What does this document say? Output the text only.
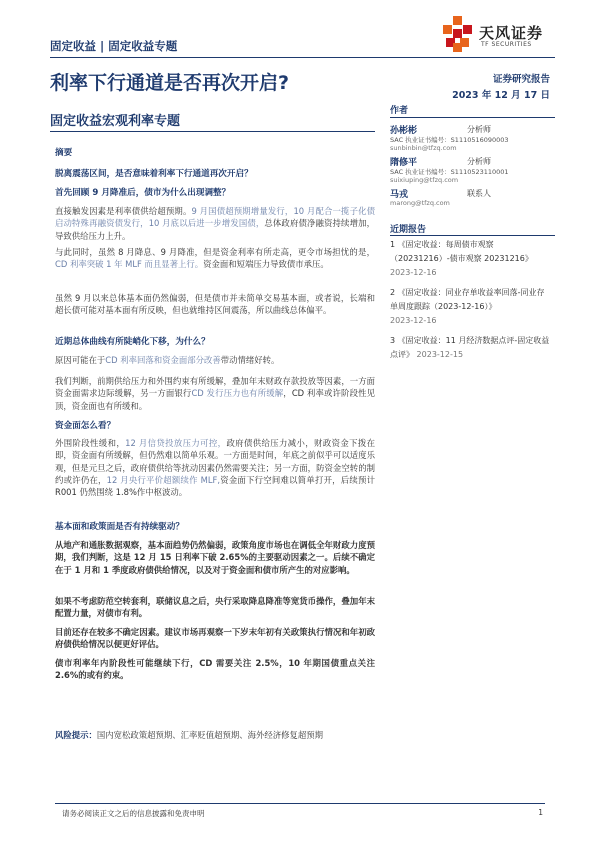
固定收益 | 固定收益专题
天风证券
TF SECURITIES
利率下行通道是否再次开启?	证券研究报告
2023 年 12 月 17 日
固定收益宏观利率专题
作者
孙彬彬	分析师
SAC 执业证书编号：S1110516090003
sunbinbin@tfzq.com
隋修平	分析师
SAC 执业证书编号：S1110523110001
suixiuping@tfzq.com
马戎	联系人
marong@tfzq.com
近期报告
1 《固定收益：每周债市观察（20231216）-债市观察 20231216》
2023-12-16
2 《固定收益：同业存单收益率回落-同业存单周度跟踪（2023-12-16）》
2023-12-16
3 《固定收益：11 月经济数据点评-固定收益点评》 2023-12-15

摘要

脱离震荡区间，是否意味着利率下行通道再次开启？

首先回顾 9 月降准后，债市为什么出现调整？

直接触发因素是利率债供给超预期。9 月国债超预期增量发行，10 月配合一揽子化债启动特殊再融资债发行，10 月底以后进一步增发国债，总体政府债净融资持续增加，导致供给压力上升。

与此同时，虽然 8 月降息、9 月降准，但是资金利率有所走高，更令市场担忧的是，CD 利率突破 1 年 MLF 而且显著上行。资金面和短端压力导致债市承压。

虽然 9 月以来总体基本面仍然偏弱，但是债市并未简单交易基本面，或者说，长端和超长债可能对基本面有所反映，但也就维持区间震荡，所以曲线总体偏平。

近期总体曲线有所陡峭化下移，为什么？

原因可能在于CD 利率回落和资金面部分改善带动情绪好转。

我们判断，前期供给压力和外围约束有所缓解，叠加年末财政存款投放等因素，一方面资金面需求边际缓解，另一方面银行CD 发行压力也有所缓解，CD 利率或许阶段性见顶，资金面也有所缓和。

资金面怎么看？

外围阶段性缓和，12 月信贷投放压力可控，政府债供给压力减小，财政资金下拨在即，资金面有所缓解，但仍然难以简单乐观。一方面是时间，年底之前似乎可以适度乐观，但是元旦之后，政府债供给等扰动因素仍然需要关注；另一方面，防资金空转的制约或许仍在，12 月央行平价超额续作 MLF,资金面下行空间难以简单打开，后续预计 R001 仍然围绕 1.8%作中枢波动。

基本面和政策面是否有持续驱动？

从地产和通胀数据观察，基本面趋势仍然偏弱，政策角度市场也在调低全年财政力度预期，我们判断，这是 12 月 15 日利率下破 2.65%的主要驱动因素之一。后续不确定在于 1 月和 1 季度政府债供给情况，以及对于资金面和债市所产生的对应影响。

如果不考虑防范空转套利，联储议息之后，央行采取降息降准等宽货币操作，叠加年末配置力量，对债市有利。

目前还存在较多不确定因素。建议市场再观察一下岁末年初有关政策执行情况和年初政府债供给情况以便更好评估。

债市利率年内阶段性可能继续下行，CD 需要关注 2.5%，10 年期国债重点关注 2.6%的或有约束。

风险提示：国内宽松政策超预期、汇率贬值超预期、海外经济修复超预期

请务必阅读正文之后的信息披露和免责申明	1
